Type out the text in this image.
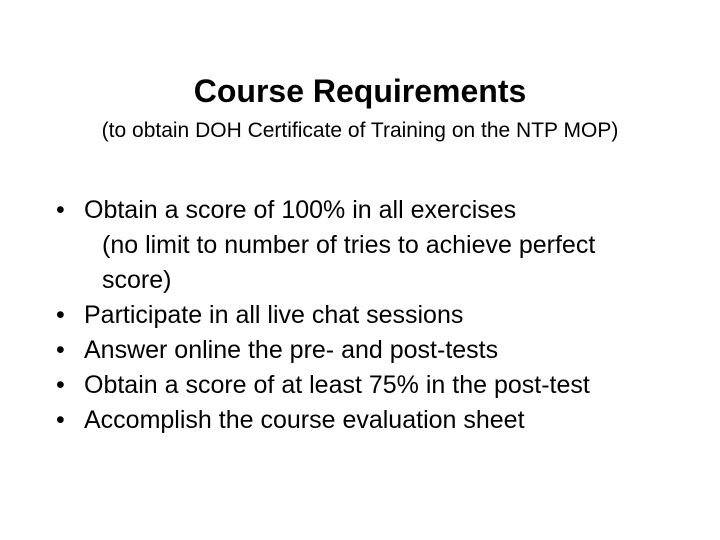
Course Requirements
(to obtain DOH Certificate of Training on the NTP MOP)
• Obtain a score of 100% in all exercises
(no limit to number of tries to achieve perfect
score)
• Participate in all live chat sessions
• Answer online the pre- and post-tests
• Obtain a score of at least 75% in the post-test
• Accomplish the course evaluation sheet
